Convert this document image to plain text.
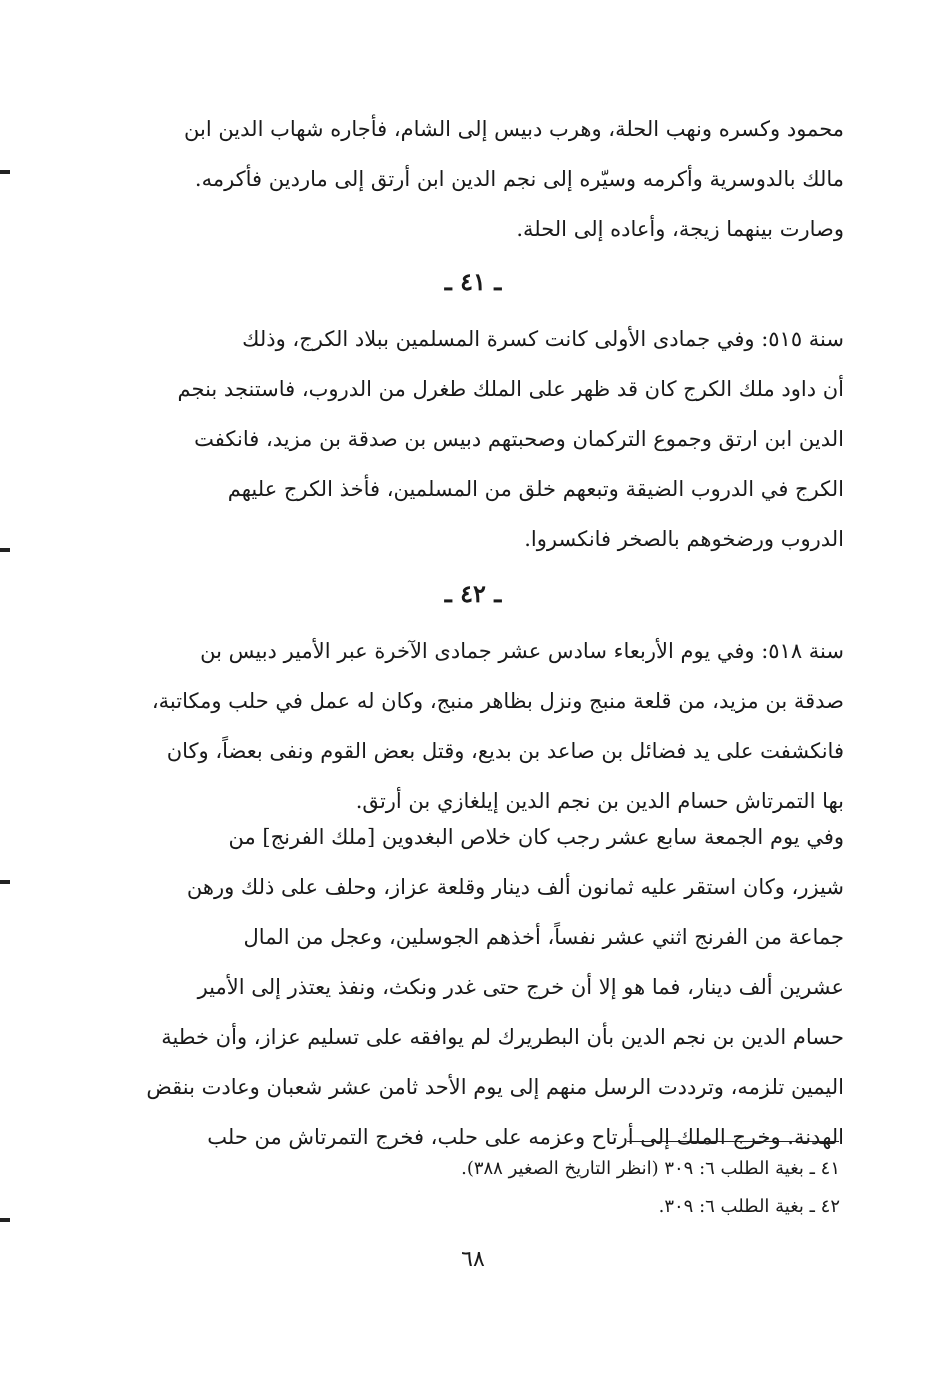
محمود وكسره ونهب الحلة، وهرب دبيس إلى الشام، فأجاره شهاب الدين ابن
مالك بالدوسرية وأكرمه وسيّره إلى نجم الدين ابن أرتق إلى ماردين فأكرمه.
وصارت بينهما زيجة، وأعاده إلى الحلة.
ـ ٤١ ـ
سنة ٥١٥: وفي جمادى الأولى كانت كسرة المسلمين ببلاد الكرج، وذلك
أن داود ملك الكرج كان قد ظهر على الملك طغرل من الدروب، فاستنجد بنجم
الدين ابن ارتق وجموع التركمان وصحبتهم دبيس بن صدقة بن مزيد، فانكفت
الكرج في الدروب الضيقة وتبعهم خلق من المسلمين، فأخذ الكرج عليهم
الدروب ورضخوهم بالصخر فانكسروا.
ـ ٤٢ ـ
سنة ٥١٨: وفي يوم الأربعاء سادس عشر جمادى الآخرة عبر الأمير دبيس بن
صدقة بن مزيد، من قلعة منبج ونزل بظاهر منبج، وكان له عمل في حلب ومكاتبة،
فانكشفت على يد فضائل بن صاعد بن بديع، وقتل بعض القوم ونفى بعضاً، وكان
بها التمرتاش حسام الدين بن نجم الدين إيلغازي بن أرتق.
وفي يوم الجمعة سابع عشر رجب كان خلاص البغدوين [ملك الفرنج] من
شيزر، وكان استقر عليه ثمانون ألف دينار وقلعة عزاز، وحلف على ذلك ورهن
جماعة من الفرنج اثني عشر نفساً، أخذهم الجوسلين، وعجل من المال
عشرين ألف دينار، فما هو إلا أن خرج حتى غدر ونكث، ونفذ يعتذر إلى الأمير
حسام الدين بن نجم الدين بأن البطريرك لم يوافقه على تسليم عزاز، وأن خطية
اليمين تلزمه، وترددت الرسل منهم إلى يوم الأحد ثامن عشر شعبان وعادت بنقض
الهدنة. وخرج الملك إلى أرتاح وعزمه على حلب، فخرج التمرتاش من حلب
٤١ ـ بغية الطلب ٦: ٣٠٩ (انظر التاريخ الصغير ٣٨٨).
٤٢ ـ بغية الطلب ٦: ٣٠٩.
٦٨
